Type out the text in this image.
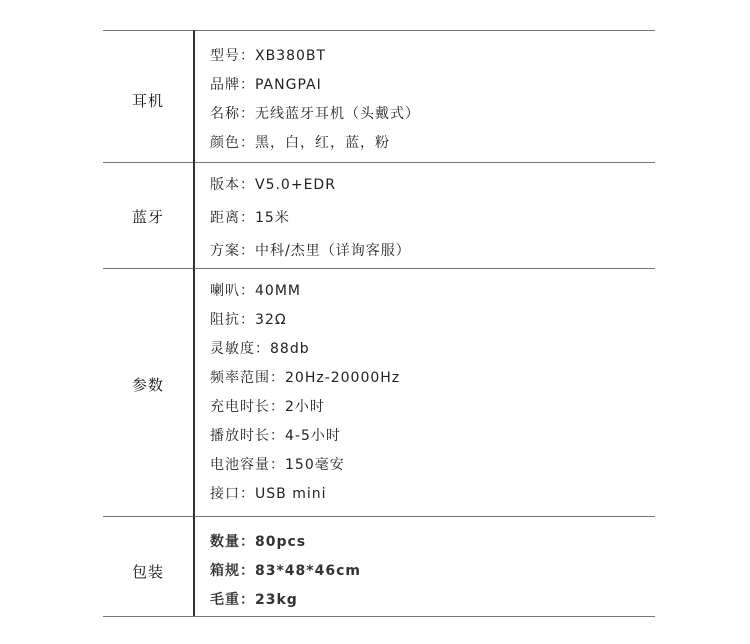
耳机
型号：XB380BT
品牌：PANGPAI
名称：无线蓝牙耳机（头戴式）
颜色：黑，白，红，蓝，粉
蓝牙
版本：V5.0+EDR
距离：15米
方案：中科/杰里（详询客服）
参数
喇叭：40MM
阻抗：32Ω
灵敏度：88db
频率范围：20Hz-20000Hz
充电时长：2小时
播放时长：4-5小时
电池容量：150毫安
接口：USB mini
包装
数量：80pcs
箱规：83*48*46cm
毛重：23kg
